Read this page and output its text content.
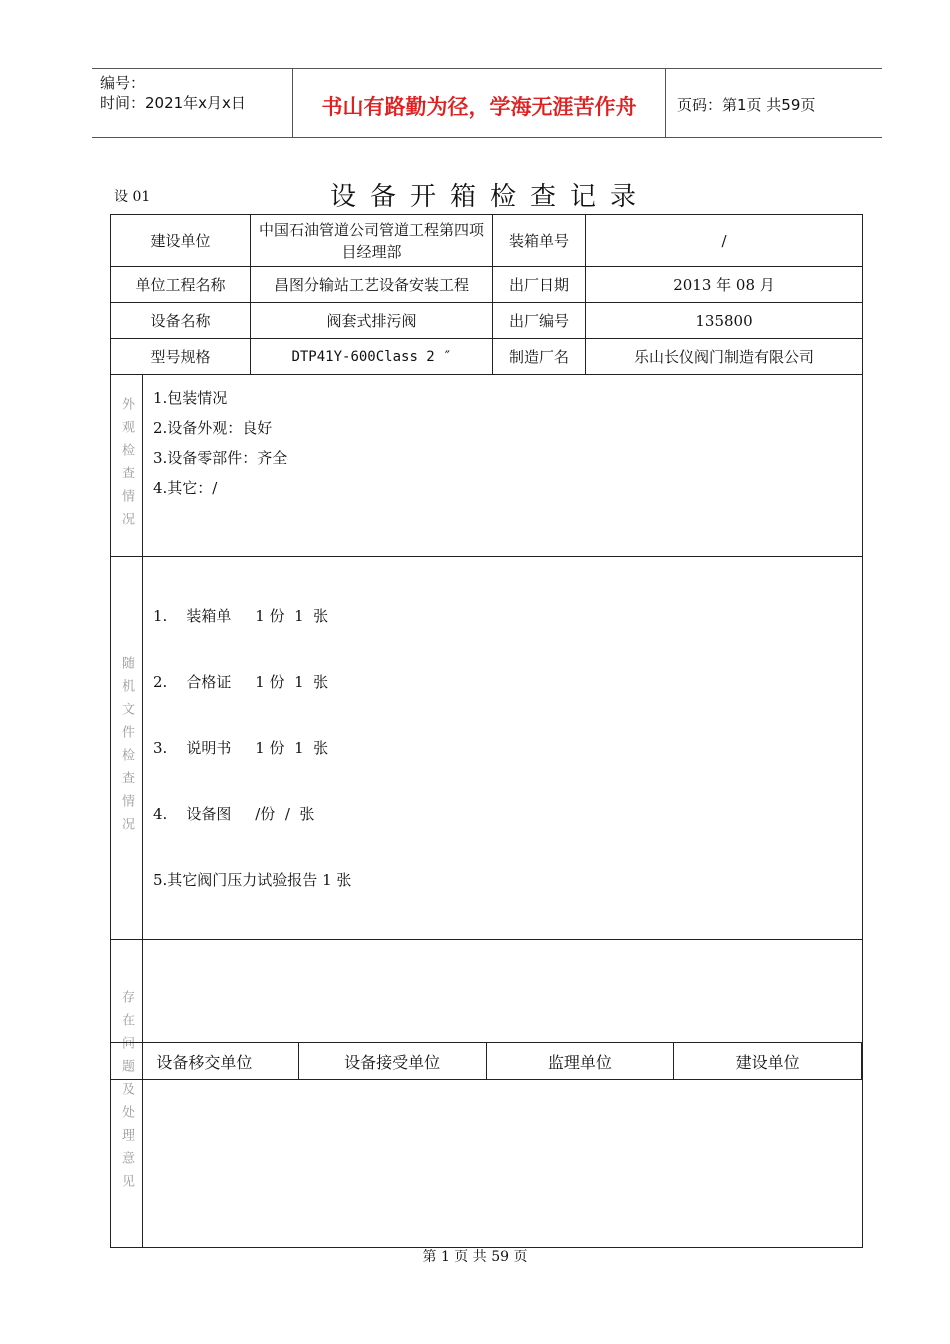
编号：
时间：2021年x月x日	书山有路勤为径，学海无涯苦作舟	页码：第1页 共59页
设 01	设备开箱检查记录
建设单位		中国石油管道公司管道工程第四项目经理部	装箱单号	/
单位工程名称		昌图分输站工艺设备安装工程	出厂日期	2013 年 08 月
设备名称		阀套式排污阀	出厂编号	135800
型号规格		DTP41Y-600Class 2 ″	制造厂名	乐山长仪阀门制造有限公司

外观检查情况	1.包装情况
2.设备外观：良好
3.设备零部件：齐全
4.其它：/			

随机文件检查情况	1.    装箱单     1 份  1  张

2.    合格证     1 份  1  张

3.    说明书     1 份  1  张

4.    设备图     /份  /  张

5.其它阀门压力试验报告 1 张			

存在问题及处理意见				
	设备移交单位	设备接受单位	监理单位	建设单位
第 1 页 共 59 页
